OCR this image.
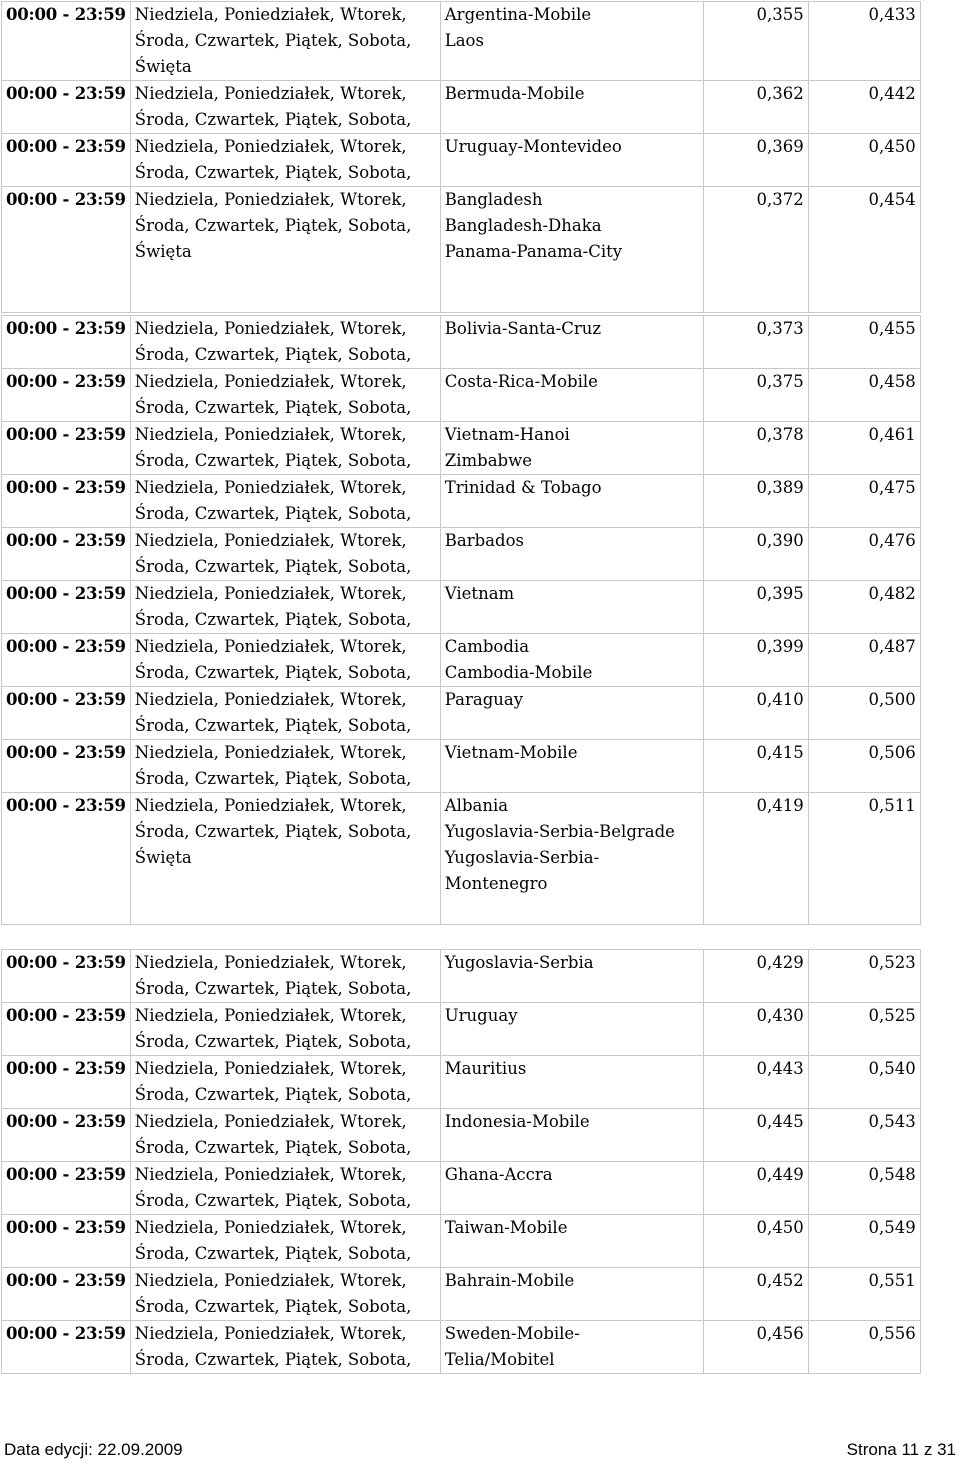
00:00 - 23:59	Niedziela, Poniedziałek, Wtorek,
Środa, Czwartek, Piątek, Sobota,
Święta	Argentina-Mobile
Laos	0,355	0,433
00:00 - 23:59	Niedziela, Poniedziałek, Wtorek,
Środa, Czwartek, Piątek, Sobota,	Bermuda-Mobile	0,362	0,442
00:00 - 23:59	Niedziela, Poniedziałek, Wtorek,
Środa, Czwartek, Piątek, Sobota,	Uruguay-Montevideo	0,369	0,450
00:00 - 23:59	Niedziela, Poniedziałek, Wtorek,
Środa, Czwartek, Piątek, Sobota,
Święta	Bangladesh
Bangladesh-Dhaka
Panama-Panama-City	0,372	0,454
00:00 - 23:59	Niedziela, Poniedziałek, Wtorek,
Środa, Czwartek, Piątek, Sobota,	Bolivia-Santa-Cruz	0,373	0,455
00:00 - 23:59	Niedziela, Poniedziałek, Wtorek,
Środa, Czwartek, Piątek, Sobota,	Costa-Rica-Mobile	0,375	0,458
00:00 - 23:59	Niedziela, Poniedziałek, Wtorek,
Środa, Czwartek, Piątek, Sobota,	Vietnam-Hanoi
Zimbabwe	0,378	0,461
00:00 - 23:59	Niedziela, Poniedziałek, Wtorek,
Środa, Czwartek, Piątek, Sobota,	Trinidad & Tobago	0,389	0,475
00:00 - 23:59	Niedziela, Poniedziałek, Wtorek,
Środa, Czwartek, Piątek, Sobota,	Barbados	0,390	0,476
00:00 - 23:59	Niedziela, Poniedziałek, Wtorek,
Środa, Czwartek, Piątek, Sobota,	Vietnam	0,395	0,482
00:00 - 23:59	Niedziela, Poniedziałek, Wtorek,
Środa, Czwartek, Piątek, Sobota,	Cambodia
Cambodia-Mobile	0,399	0,487
00:00 - 23:59	Niedziela, Poniedziałek, Wtorek,
Środa, Czwartek, Piątek, Sobota,	Paraguay	0,410	0,500
00:00 - 23:59	Niedziela, Poniedziałek, Wtorek,
Środa, Czwartek, Piątek, Sobota,	Vietnam-Mobile	0,415	0,506
00:00 - 23:59	Niedziela, Poniedziałek, Wtorek,
Środa, Czwartek, Piątek, Sobota,
Święta	Albania
Yugoslavia-Serbia-Belgrade
Yugoslavia-Serbia-
Montenegro	0,419	0,511
00:00 - 23:59	Niedziela, Poniedziałek, Wtorek,
Środa, Czwartek, Piątek, Sobota,	Yugoslavia-Serbia	0,429	0,523
00:00 - 23:59	Niedziela, Poniedziałek, Wtorek,
Środa, Czwartek, Piątek, Sobota,	Uruguay	0,430	0,525
00:00 - 23:59	Niedziela, Poniedziałek, Wtorek,
Środa, Czwartek, Piątek, Sobota,	Mauritius	0,443	0,540
00:00 - 23:59	Niedziela, Poniedziałek, Wtorek,
Środa, Czwartek, Piątek, Sobota,	Indonesia-Mobile	0,445	0,543
00:00 - 23:59	Niedziela, Poniedziałek, Wtorek,
Środa, Czwartek, Piątek, Sobota,	Ghana-Accra	0,449	0,548
00:00 - 23:59	Niedziela, Poniedziałek, Wtorek,
Środa, Czwartek, Piątek, Sobota,	Taiwan-Mobile	0,450	0,549
00:00 - 23:59	Niedziela, Poniedziałek, Wtorek,
Środa, Czwartek, Piątek, Sobota,	Bahrain-Mobile	0,452	0,551
00:00 - 23:59	Niedziela, Poniedziałek, Wtorek,
Środa, Czwartek, Piątek, Sobota,	Sweden-Mobile-
Telia/Mobitel	0,456	0,556
Data edycji: 22.09.2009	Strona 11 z 31
